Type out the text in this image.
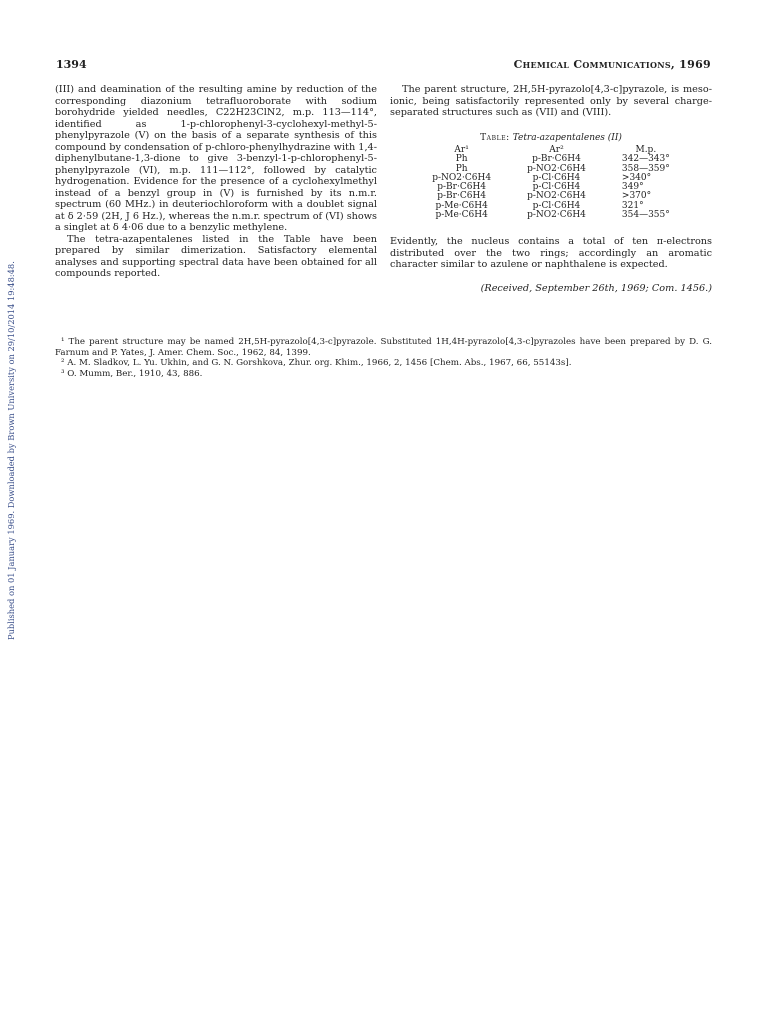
1394	Chemical Communications, 1969

(III) and deamination of the resulting amine by reduction of the corresponding diazonium tetrafluoroborate with sodium borohydride yielded needles, C22H23ClN2, m.p. 113—114°, identified as 1-p-chlorophenyl-3-cyclohexyl-methyl-5-phenylpyrazole (V) on the basis of a separate synthesis of this compound by condensation of p-chloro-phenylhydrazine with 1,4-diphenylbutane-1,3-dione to give 3-benzyl-1-p-chlorophenyl-5-phenylpyrazole (VI), m.p. 111—112°, followed by catalytic hydrogenation. Evidence for the presence of a cyclohexylmethyl instead of a benzyl group in (V) is furnished by its n.m.r. spectrum (60 MHz.) in deuteriochloroform with a doublet signal at δ 2·59 (2H, J 6 Hz.), whereas the n.m.r. spectrum of (VI) shows a singlet at δ 4·06 due to a benzylic methylene.

The tetra-azapentalenes listed in the Table have been prepared by similar dimerization. Satisfactory elemental analyses and supporting spectral data have been obtained for all compounds reported.

The parent structure, 2H,5H-pyrazolo[4,3-c]pyrazole, is meso-ionic, being satisfactorily represented only by several charge-separated structures such as (VII) and (VIII).

Table: Tetra-azapentalenes (II)
Ar¹	Ar²	M.p.
Ph	p-Br·C6H4	342—343°
Ph	p-NO2·C6H4	358—359°
p-NO2·C6H4	p-Cl·C6H4	>340°
p-Br·C6H4	p-Cl·C6H4	349°
p-Br·C6H4	p-NO2·C6H4	>370°
p-Me·C6H4	p-Cl·C6H4	321°
p-Me·C6H4	p-NO2·C6H4	354—355°

Evidently, the nucleus contains a total of ten π-electrons distributed over the two rings; accordingly an aromatic character similar to azulene or naphthalene is expected.

(Received, September 26th, 1969; Com. 1456.)

¹ The parent structure may be named 2H,5H-pyrazolo[4,3-c]pyrazole. Substituted 1H,4H-pyrazolo[4,3-c]pyrazoles have been prepared by D. G. Farnum and P. Yates, J. Amer. Chem. Soc., 1962, 84, 1399.

² A. M. Sladkov, L. Yu. Ukhin, and G. N. Gorshkova, Zhur. org. Khim., 1966, 2, 1456 [Chem. Abs., 1967, 66, 55143s].

³ O. Mumm, Ber., 1910, 43, 886.

Published on 01 January 1969. Downloaded by Brown University on 29/10/2014 19:48:48.
